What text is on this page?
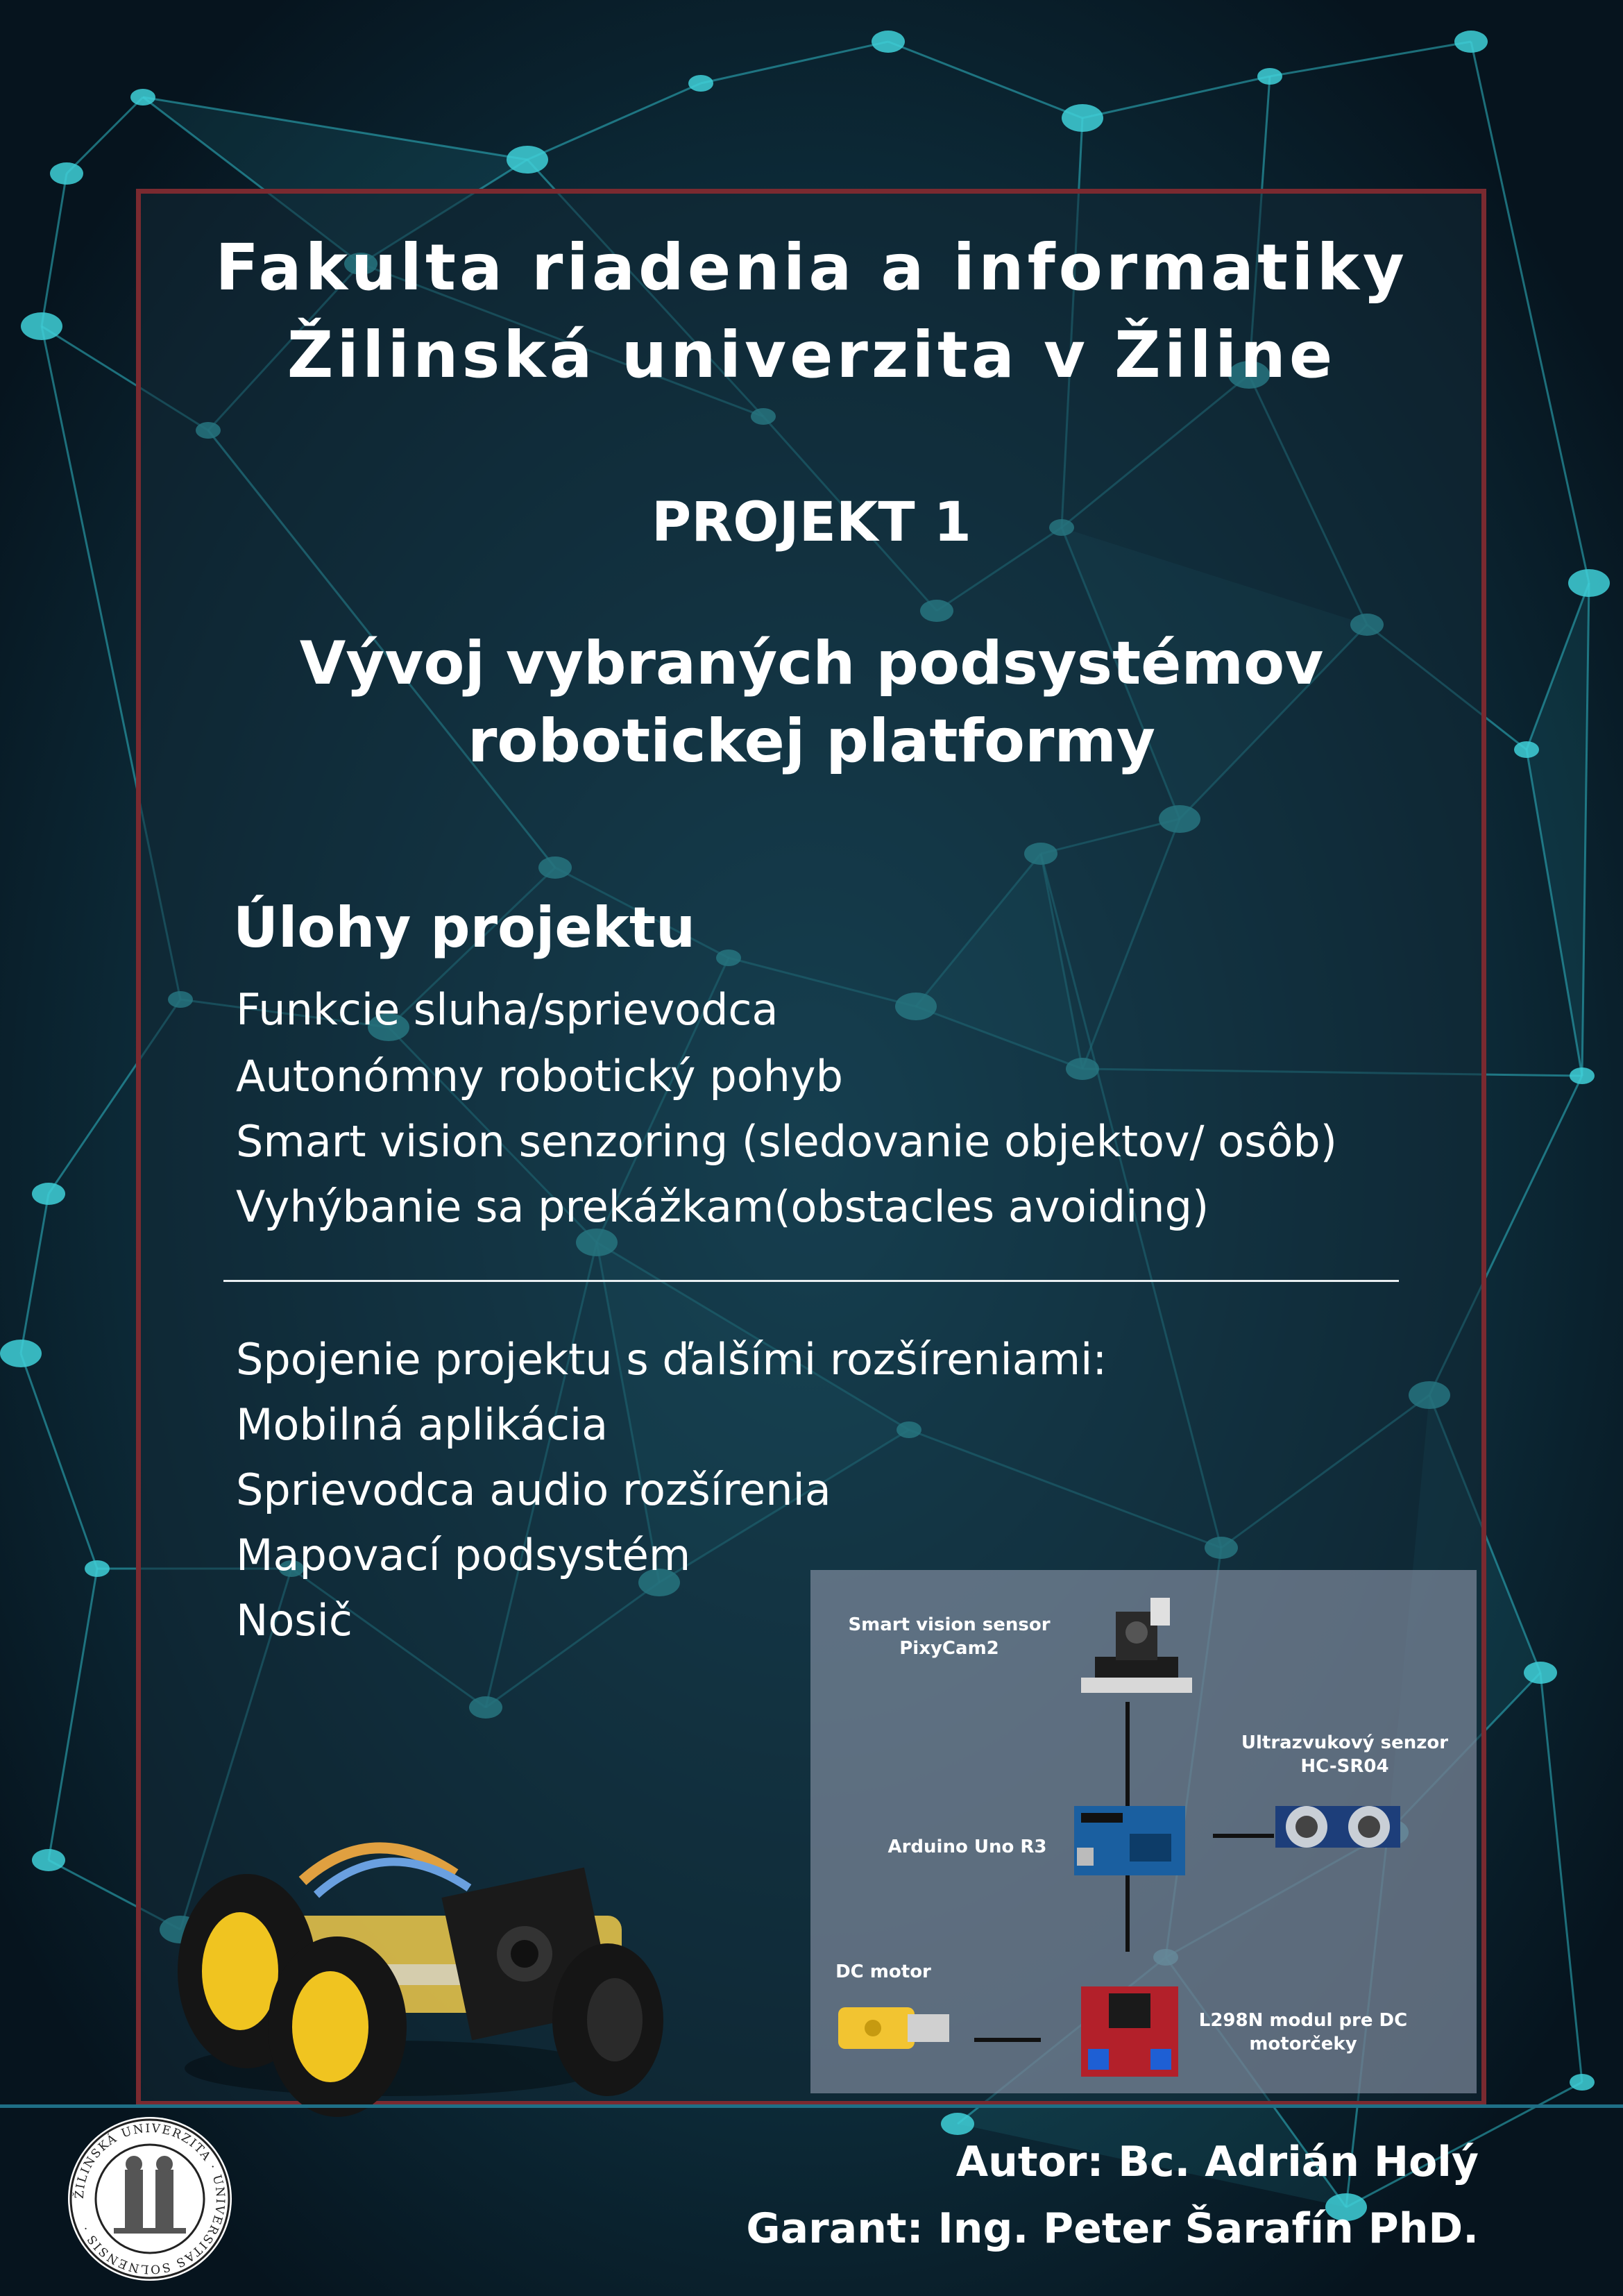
Fakulta riadenia a informatiky
Žilinská univerzita v Žiline
PROJEKT 1
Vývoj vybraných podsystémov
robotickej platformy
Úlohy projektu
Funkcie sluha/sprievodca
Autonómny robotický pohyb
Smart vision senzoring (sledovanie objektov/ osôb)
Vyhýbanie sa prekážkam(obstacles avoiding)
Spojenie projektu s ďalšími rozšíreniami:
Mobilná aplikácia
Sprievodca audio rozšírenia
Mapovací podsystém
Nosič	Smart vision sensor
PixyCam2
Ultrazvukový senzor
HC-SR04
Arduino Uno R3
DC motor
L298N modul pre DC
motorčeky
ŽILINSKÁ UNIVERZITA · UNIVERSITAS SOLNENSIS ·
Autor: Bc. Adrián Holý
Garant: Ing. Peter Šarafín PhD.
